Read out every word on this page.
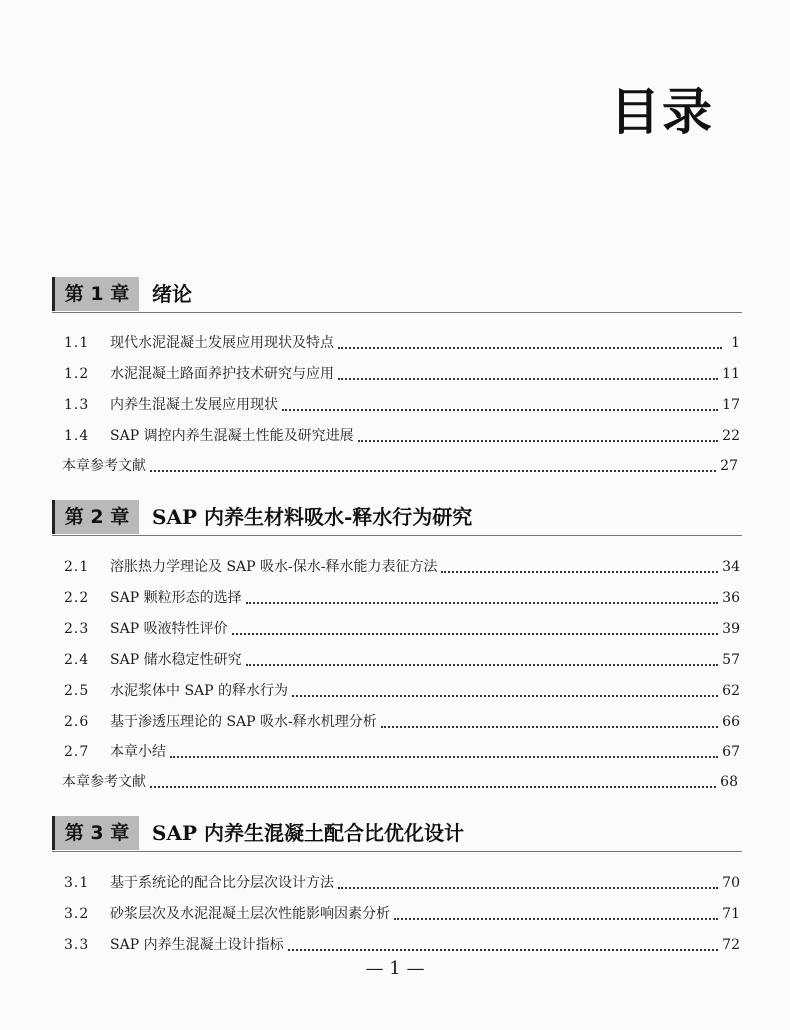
目录
第 1 章	绪论
1.1	现代水泥混凝土发展应用现状及特点	1
1.2	水泥混凝土路面养护技术研究与应用	11
1.3	内养生混凝土发展应用现状	17
1.4	SAP 调控内养生混凝土性能及研究进展	22
本章参考文献	27
第 2 章	SAP 内养生材料吸水-释水行为研究
2.1	溶胀热力学理论及 SAP 吸水-保水-释水能力表征方法	34
2.2	SAP 颗粒形态的选择	36
2.3	SAP 吸液特性评价	39
2.4	SAP 储水稳定性研究	57
2.5	水泥浆体中 SAP 的释水行为	62
2.6	基于渗透压理论的 SAP 吸水-释水机理分析	66
2.7	本章小结	67
本章参考文献	68
第 3 章	SAP 内养生混凝土配合比优化设计
3.1	基于系统论的配合比分层次设计方法	70
3.2	砂浆层次及水泥混凝土层次性能影响因素分析	71
3.3	SAP 内养生混凝土设计指标	72
— 1 —
